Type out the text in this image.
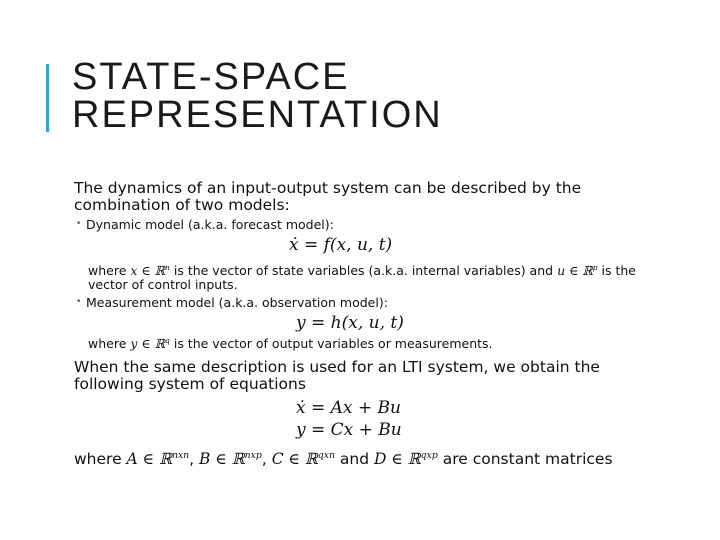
STATE-SPACE
REPRESENTATION

The dynamics of an input-output system can be described by the combination of two models:

• Dynamic model (a.k.a. forecast model):
ẋ = f(x, u, t)
where x ∈ ℝ$^n$ is the vector of state variables (a.k.a. internal variables) and u ∈ ℝ$^p$ is the vector of control inputs.
• Measurement model (a.k.a. observation model):
y = h(x, u, t)
where y ∈ ℝ$^q$ is the vector of output variables or measurements.

When the same description is used for an LTI system, we obtain the following system of equations

ẋ = Ax + Bu
y = Cx + Bu
where A ∈ ℝ$^{nxn}$, B ∈ ℝ$^{nxp}$, C ∈ ℝ$^{qxn}$ and D ∈ ℝ$^{qxp}$ are constant matrices
